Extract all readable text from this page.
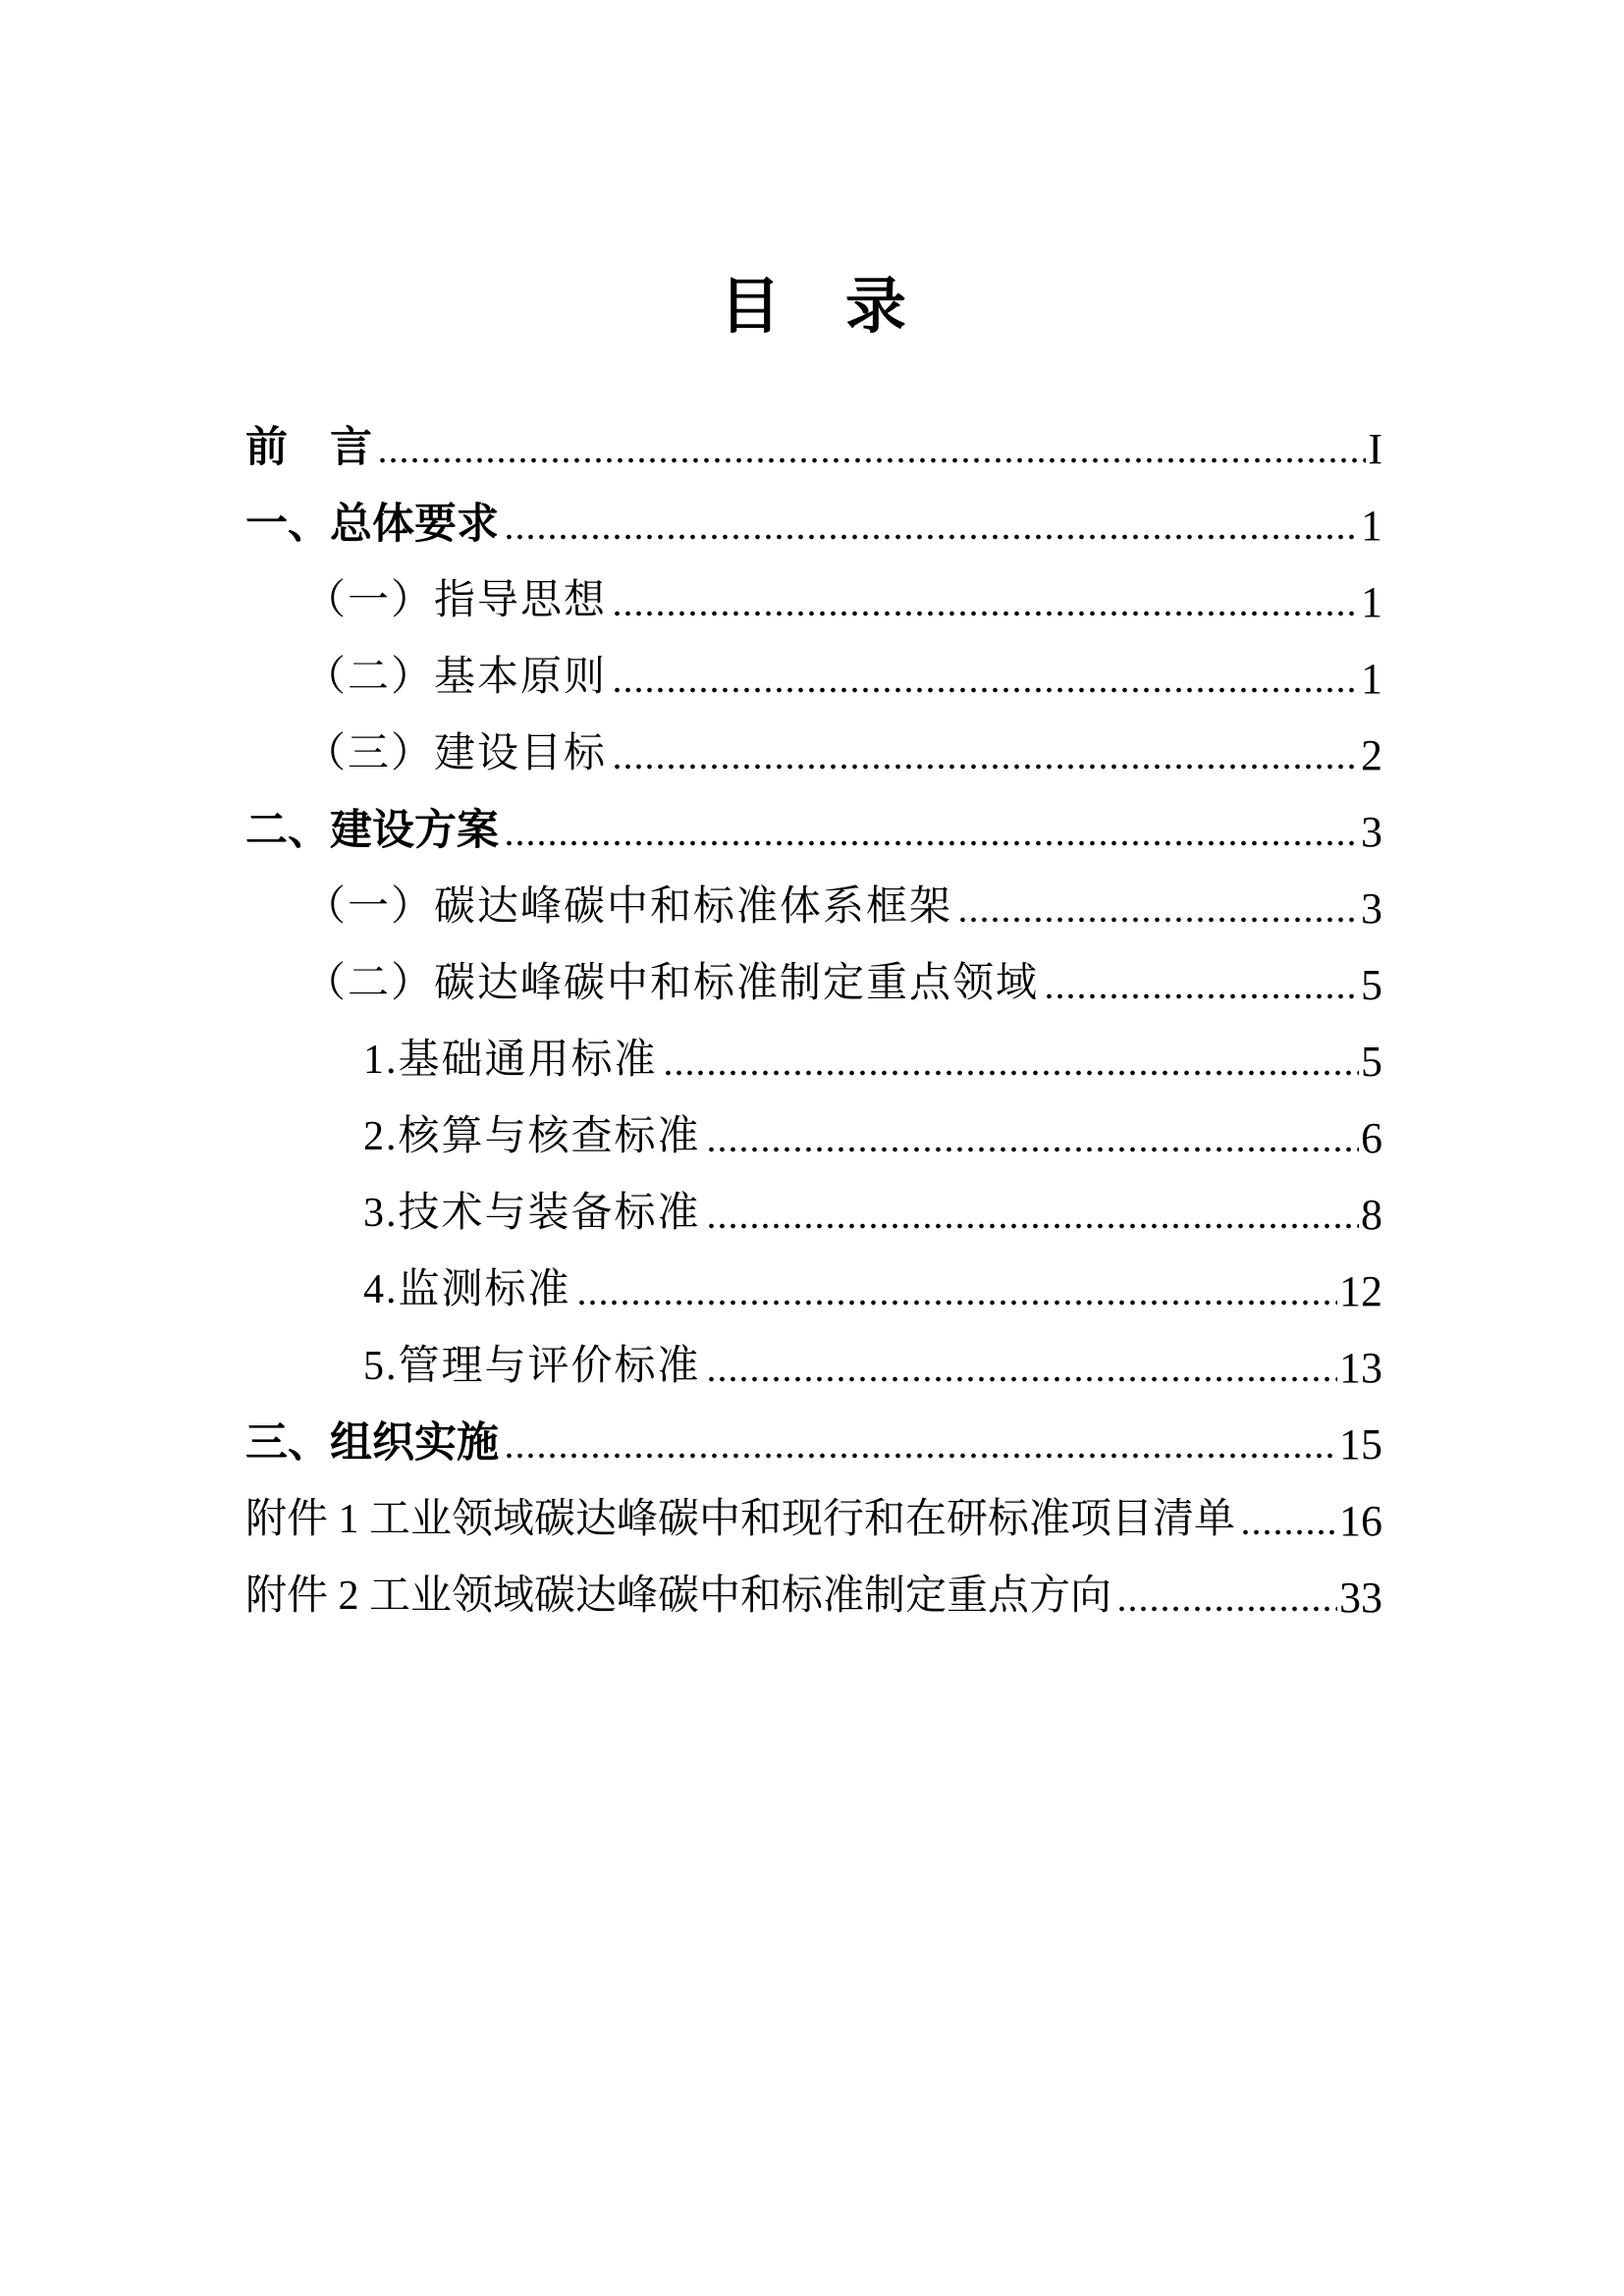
目　录
前　言	I
一、总体要求	1
（一）指导思想	1
（二）基本原则	1
（三）建设目标	2
二、建设方案	3
（一）碳达峰碳中和标准体系框架	3
（二）碳达峰碳中和标准制定重点领域	5
1.基础通用标准	5
2.核算与核查标准	6
3.技术与装备标准	8
4.监测标准	12
5.管理与评价标准	13
三、组织实施	15
附件 1 工业领域碳达峰碳中和现行和在研标准项目清单 16
附件 2 工业领域碳达峰碳中和标准制定重点方向	33
